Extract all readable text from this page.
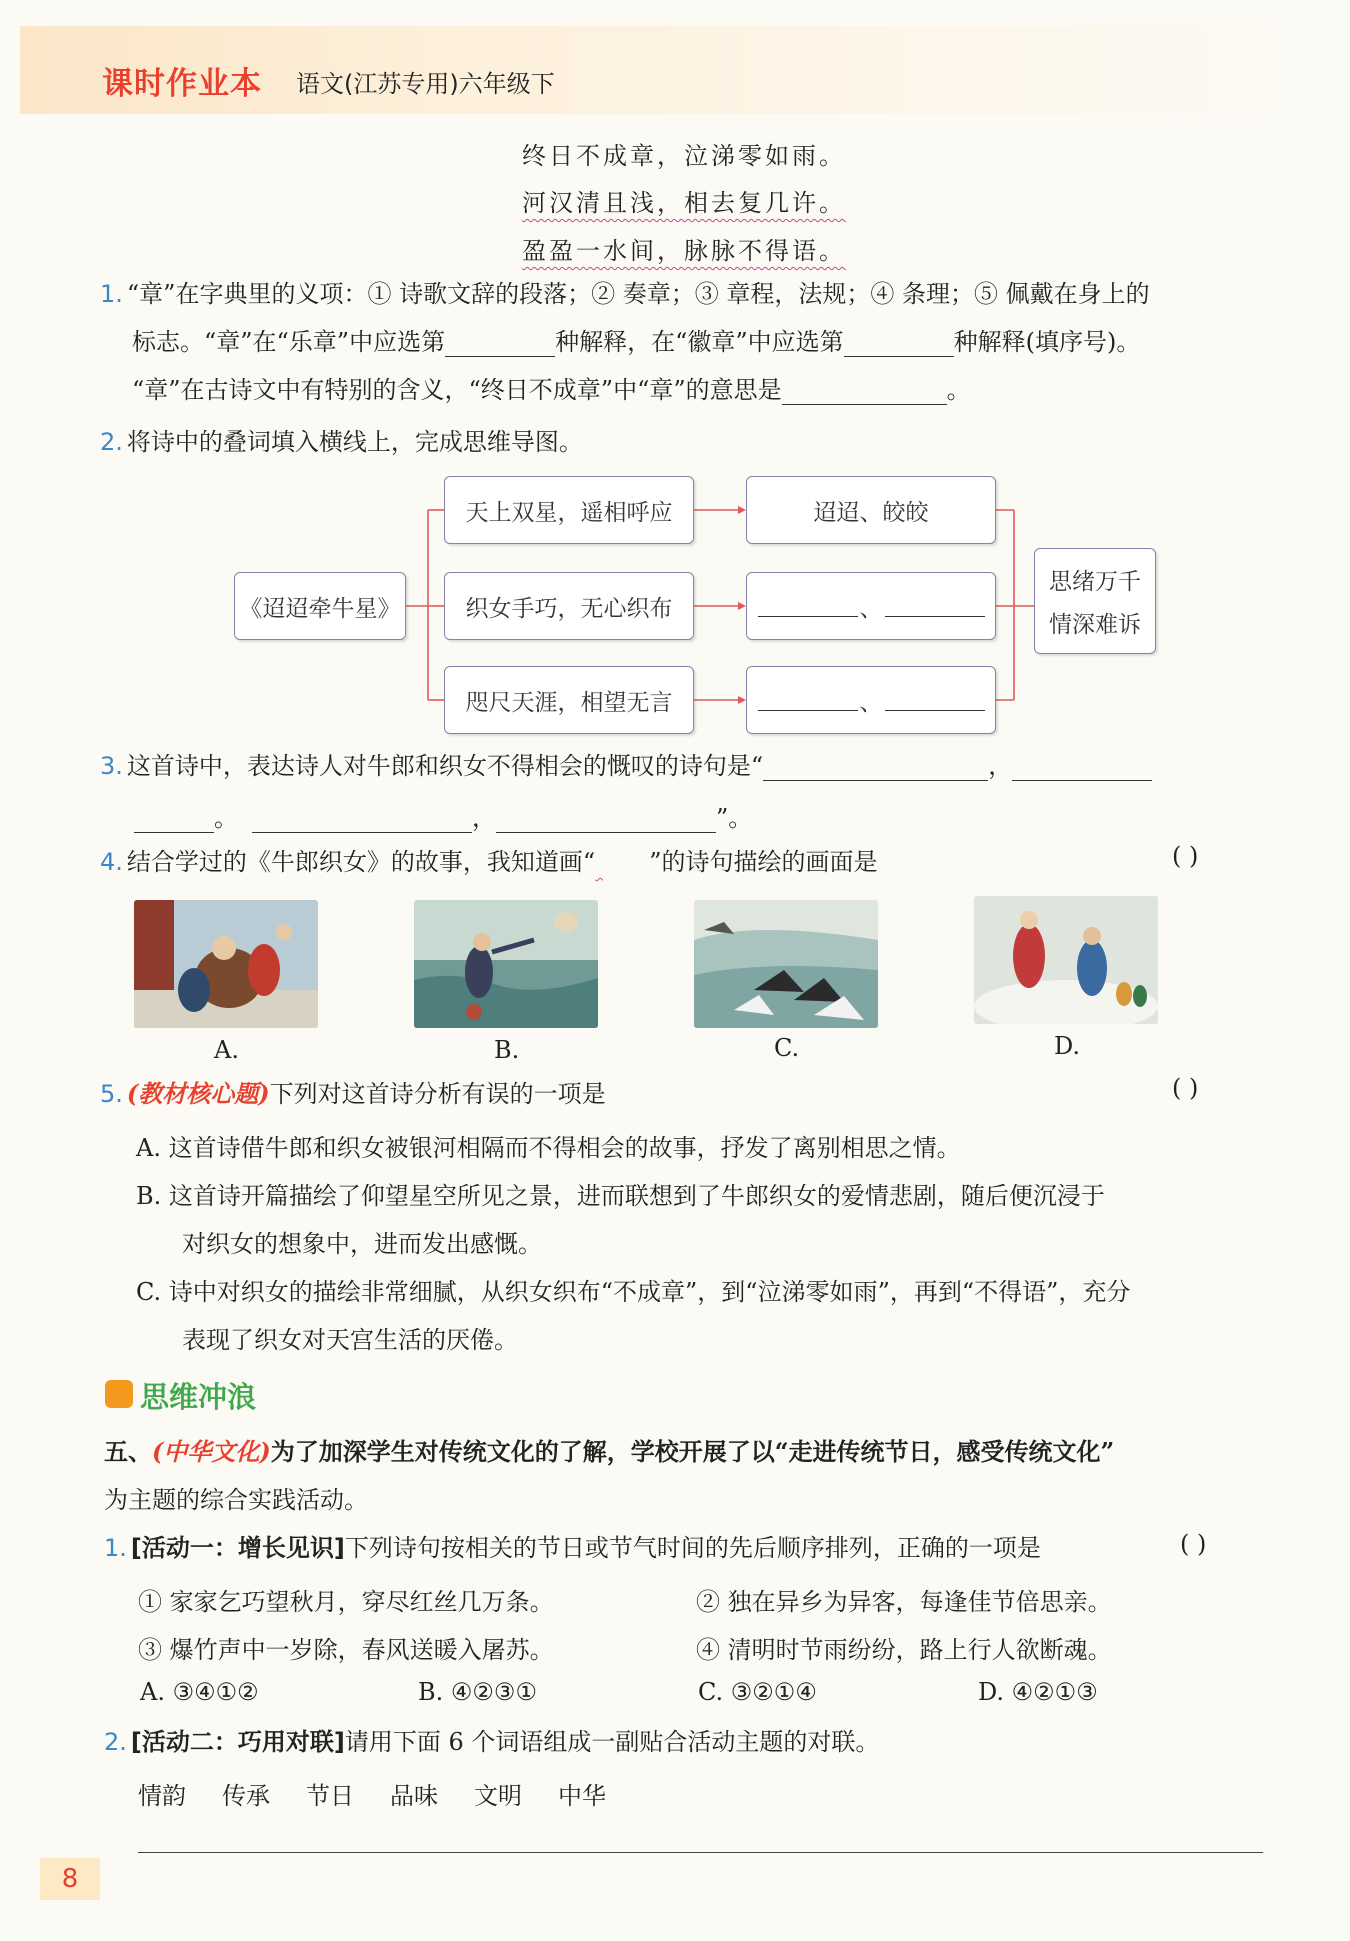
课时作业本 语文(江苏专用)六年级下
终日不成章，泣涕零如雨。
河汉清且浅，相去复几许。
盈盈一水间，脉脉不得语。
1. “章”在字典里的义项：① 诗歌文辞的段落；② 奏章；③ 章程，法规；④ 条理；⑤ 佩戴在身上的
标志。“章”在“乐章”中应选第	种解释，在“徽章”中应选第	种解释(填序号)。
“章”在古诗文中有特别的含义，“终日不成章”中“章”的意思是	。
2. 将诗中的叠词填入横线上，完成思维导图。
《迢迢牵牛星》
天上双星，遥相呼应
织女手巧，无心织布
咫尺天涯，相望无言
迢迢、皎皎
、
、
思绪万千
情深难诉
3. 这首诗中，表达诗人对牛郎和织女不得相会的慨叹的诗句是“	，
。	，	”。
4. 结合学过的《牛郎织女》的故事，我知道画“ ”的诗句描绘的画面是	( )
A.	B.	C.	D.
5. (教材核心题)下列对这首诗分析有误的一项是	( )
A. 这首诗借牛郎和织女被银河相隔而不得相会的故事，抒发了离别相思之情。
B. 这首诗开篇描绘了仰望星空所见之景，进而联想到了牛郎织女的爱情悲剧，随后便沉浸于
对织女的想象中，进而发出感慨。
C. 诗中对织女的描绘非常细腻，从织女织布“不成章”，到“泣涕零如雨”，再到“不得语”，充分
表现了织女对天宫生活的厌倦。
思维冲浪
五、(中华文化)为了加深学生对传统文化的了解，学校开展了以“走进传统节日，感受传统文化”
为主题的综合实践活动。
1. [活动一：增长见识]下列诗句按相关的节日或节气时间的先后顺序排列，正确的一项是	( )
① 家家乞巧望秋月，穿尽红丝几万条。	② 独在异乡为异客，每逢佳节倍思亲。
③ 爆竹声中一岁除，春风送暖入屠苏。	④ 清明时节雨纷纷，路上行人欲断魂。
A. ③④①②	B. ④②③①	C. ③②①④	D. ④②①③
2. [活动二：巧用对联]请用下面 6 个词语组成一副贴合活动主题的对联。
情韵 传承 节日 品味 文明 中华
8
